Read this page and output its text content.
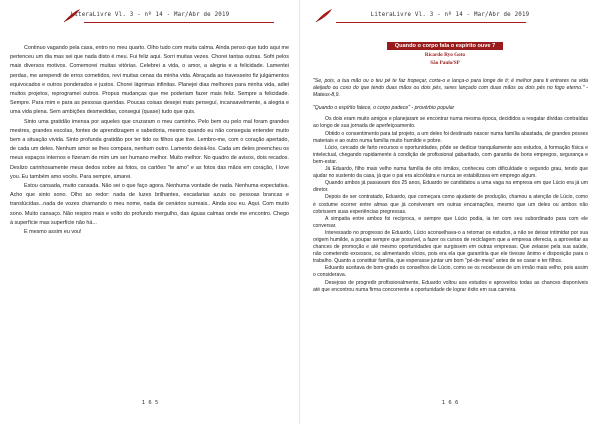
LiteraLivre Vl. 3 - nº 14 - Mar/Abr de 2019

Continuo vagando pela casa, entro no meu quarto. Olho tudo com muita calma. Ainda penso que tudo aqui me pertenceu um dia mas sei que nada disto é meu. Fui feliz aqui. Sorri muitas vezes. Chorei tantas outras. Sofri pelos mais diversos motivos. Comemorei muitas vitórias. Celebrei a vida, o amor, a alegria e a felicidade. Lamentei perdas, me arrependi de erros cometidos, revi muitas cenas da minha vida. Abraçada ao travesseiro fiz julgamentos equivocados e outros ponderados e justos. Chorei lágrimas infinitas. Planejei dias melhores para minha vida, adiei muitos projetos, reprogramei outros. Propus mudanças que me poderiam fazer mais feliz. Sempre a felicidade. Sempre. Para mim e para as pessoas queridas. Poucas coisas desejei mais perseguí, incansavelmente, a alegria e uma vida plena. Sem ambições desmedidas, consegui (quase) tudo que quis.

Sinto uma gratidão imensa por aqueles que cruzaram o meu caminho. Pelo bem ou pelo mal foram grandes mestres, grandes escolas, fontes de aprendizagem e sabedoria, mesmo quando eu não conseguia entender muito bem a situação vivida. Sinto profunda gratidão por ter tido os filhos que tive. Lembro-me, com o coração apertado, de cada um deles. Nenhum amor se lhes compara, nenhum outro. Lamento deixá-los. Cada um deles preencheu os meus espaços internos e fizeram de mim um ser humano melhor. Muito melhor. No quadro de avisos, dois recados. Deslizo carinhosamente meus dedos sobre as fotos, os cartões "te amo" e as fotos das mãos em coração, I love you. Eu também amo vocês. Para sempre, amarei.

Estou cansada, muito cansada. Não sei o que faço agora. Nenhuma vontade de nada. Nenhuma expectativa. Acho que sinto sono. Olho ao redor: nada de luzes brilhantes, escadarias azuis ou pessoas brancas e translúcidas...nada de vozes chamando o meu nome, nada de cenários surreais.. Ainda sou eu. Aqui. Com muito sono. Muito cansaço. Não respiro mais e volto do profundo mergulho, das águas calmas onde me encontro. Chego à superfície mas superfície não há...

E mesmo assim eu vou!

1 6 5
LiteraLivre Vl. 3 - nº 14 - Mar/Abr de 2019
Quando o corpo fala o espírito ouve 7
Ricardo Ryo Goto
São Paulo/SP

"Se, pois, a tua mão ou o teu pé te faz tropeçar, corta-o e lança-o para longe de ti; é melhor para ti entrares na vida aleijado ou coxo do que tendo duas mãos ou dois pés, seres lançado com duas mãos ou dois pés no fogo eterno." - Mateus-8,9.

"Quando o espírito falece, o corpo padece" - provérbio popular

Os dois eram muito amigos e planejaram se encontrar numa mesma época, decididos a resgatar dívidas contraídas ao longo de sua jornada de aperfeiçoamento.

Obtido o consentimento para tal projeto, a um deles foi destinado nascer numa família abastada, de grandes posses materiais e ao outro numa família muito humilde e pobre.

Lúcio, cercado de farto recursos e oportunidades, pôde se dedicar tranquilamente aos estudos, à formação física e intelectual, chegando rapidamente à condição de profissional gabaritado, com garantia de bons empregos, segurança e bem-estar.

Já Eduardo, filho mais velho numa família de oito irmãos, conheceu com dificuldade o segundo grau, tendo que ajudar no sustento da casa, já que o pai era alcoólatra e nunca se estabilizava em emprego algum.

Quando ambos já passavam dos 25 anos, Eduardo se candidatou a uma vaga na empresa em que Lúcio era já um diretor.

Depois de ser contratado, Eduardo, que começara como ajudante de produção, chamou a atenção de Lúcio, como é costume ocorrer entre almas que já conviveram em outras encarnações, mesmo que um deles ou ambos não cobrissem suas experiências pregressas.

A simpatia entre ambos foi recíproca, e sempre que Lúcio podia, ia ter com seu subordinado para com ele conversar.

Interessado no progresso de Eduardo, Lúcio aconselhava-o a retomar os estudos, a não se deixar intimidar por sua origem humilde, a poupar sempre que possível, a fazer os cursos de reciclagem que a empresa oferecia, a aproveitar as chances de promoção e até mesmo oportunidades que surgissem em outras empresas. Que zelasse pela sua saúde, não cometendo excessos, ou alimentando vícios, pois era ela que garantiria que ele tivesse ânimo e disposição para o trabalho. Quanto a constituir família, que esperasse juntar um bom "pé-de-meia" antes de se casar e ter filhos.

Eduardo aceitava de bom-grado os conselhos de Lúcio, como se os recebesse de um irmão mais velho, pois assim o considerava.

Desejoso de progredir profissionalmente, Eduardo voltou aos estudos e aproveitou todas as chances disponíveis até que encontrou numa firma concorrente a oportunidade de lograr êxito em sua carreira.

1 6 6
